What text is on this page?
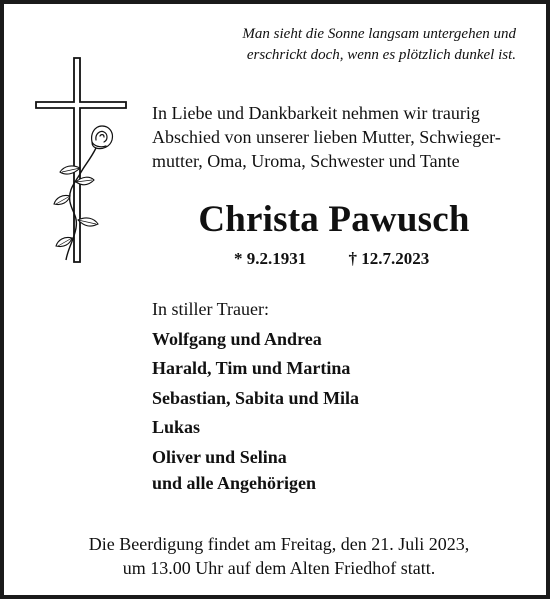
Man sieht die Sonne langsam untergehen und
erschrickt doch, wenn es plötzlich dunkel ist.
In Liebe und Dankbarkeit nehmen wir traurig
Abschied von unserer lieben Mutter, Schwieger-
mutter, Oma, Uroma, Schwester und Tante
Christa Pawusch
* 9.2.1931 † 12.7.2023
In stiller Trauer:
Wolfgang und Andrea
Harald, Tim und Martina
Sebastian, Sabita und Mila
Lukas
Oliver und Selina
und alle Angehörigen
Die Beerdigung findet am Freitag, den 21. Juli 2023,
um 13.00 Uhr auf dem Alten Friedhof statt.
